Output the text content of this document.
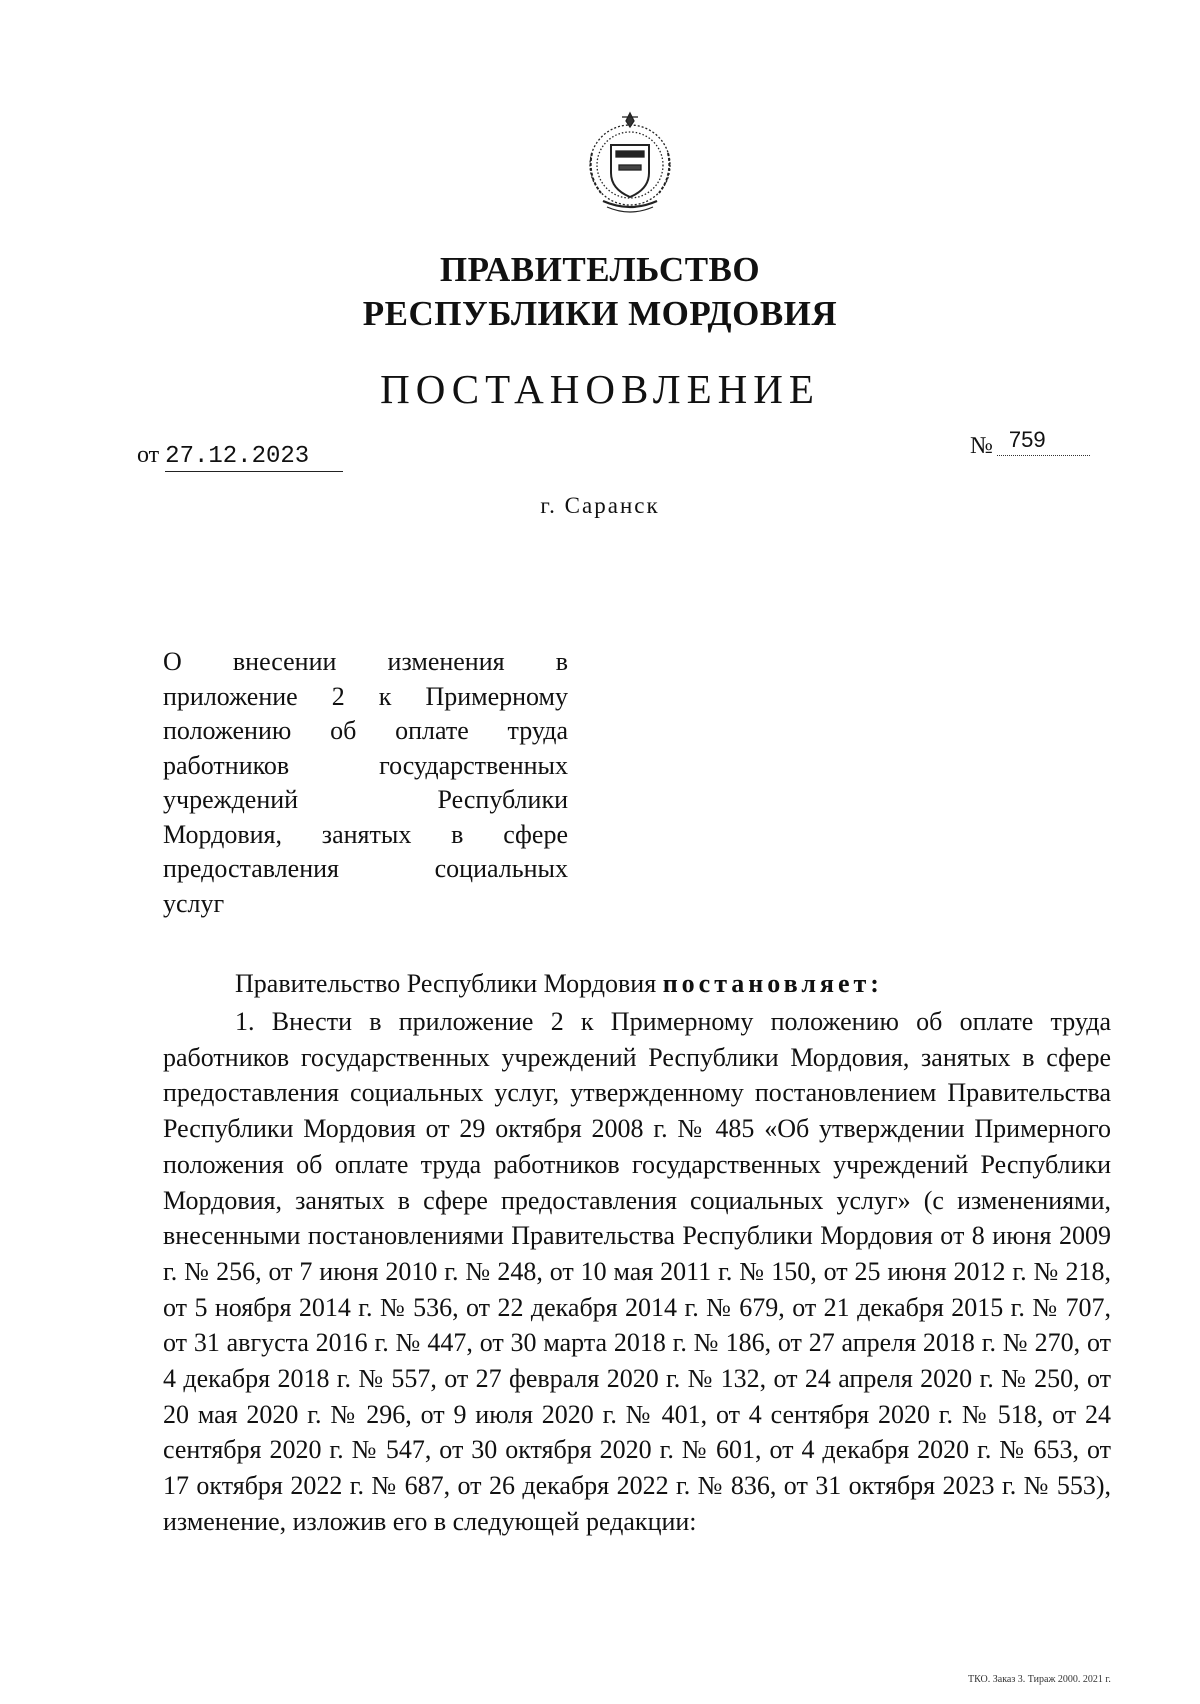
ПРАВИТЕЛЬСТВО
РЕСПУБЛИКИ МОРДОВИЯ
ПОСТАНОВЛЕНИЕ
от 27.12.2023	№ 759
г. Саранск
О внесении изменения в
приложение 2 к Примерному
положению об оплате труда
работников государственных
учреждений Республики
Мордовия, занятых в сфере
предоставления социальных
услуг
Правительство Республики Мордовия постановляет:
1. Внести в приложение 2 к Примерному положению об оплате труда работников государственных учреждений Республики Мордовия, занятых в сфере предоставления социальных услуг, утвержденному постановлением Правительства Республики Мордовия от 29 октября 2008 г. № 485 «Об утверждении Примерного положения об оплате труда работников государственных учреждений Республики Мордовия, занятых в сфере предоставления социальных услуг» (с изменениями, внесенными постановлениями Правительства Республики Мордовия от 8 июня 2009 г. № 256, от 7 июня 2010 г. № 248, от 10 мая 2011 г. № 150, от 25 июня 2012 г. № 218, от 5 ноября 2014 г. № 536, от 22 декабря 2014 г. № 679, от 21 декабря 2015 г. № 707, от 31 августа 2016 г. № 447, от 30 марта 2018 г. № 186, от 27 апреля 2018 г. № 270, от 4 декабря 2018 г. № 557, от 27 февраля 2020 г. № 132, от 24 апреля 2020 г. № 250, от 20 мая 2020 г. № 296, от 9 июля 2020 г. № 401, от 4 сентября 2020 г. № 518, от 24 сентября 2020 г. № 547, от 30 октября 2020 г. № 601, от 4 декабря 2020 г. № 653, от 17 октября 2022 г. № 687, от 26 декабря 2022 г. № 836, от 31 октября 2023 г. № 553), изменение, изложив его в следующей редакции:
ТКО. Заказ 3. Тираж 2000. 2021 г.
